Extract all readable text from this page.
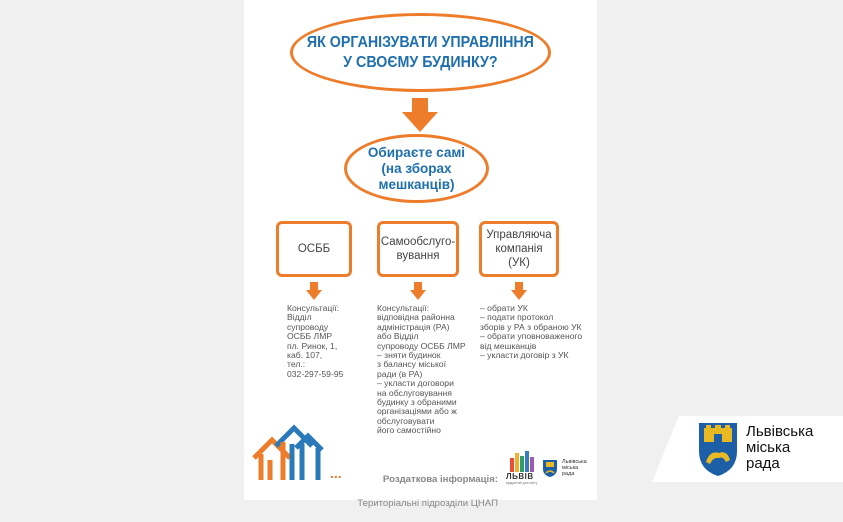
ЯК ОРГАНІЗУВАТИ УПРАВЛІННЯ
У СВОЄМУ БУДИНКУ?
Обираєте самі
(на зборах
мешканців)
ОСББ
Самообслуго-
вування
Управляюча
компанія
(УК)
Консультації:
Відділ
супроводу
ОСББ ЛМР
пл. Ринок, 1,
каб. 107,
тел.:
032-297-59-95
Консультації:
відповідна районна
адміністрація (РА)
або Відділ
супроводу ОСББ ЛМР
– зняти будинок
з балансу міської
ради (в РА)
– укласти договори
на обслуговування
будинку з обраними
організаціями або ж
обслуговувати
його самостійно
– обрати УК
– подати протокол
зборів у РА з обраною УК
– обрати уповноваженого
від мешканців
– укласти договір з УК
...	Роздаткова інформація:

Територіальні підрозділи ЦНАП

ЛЬВІВ
відкритий для світу
Львівська
міська
рада
Львівська
міська
рада
